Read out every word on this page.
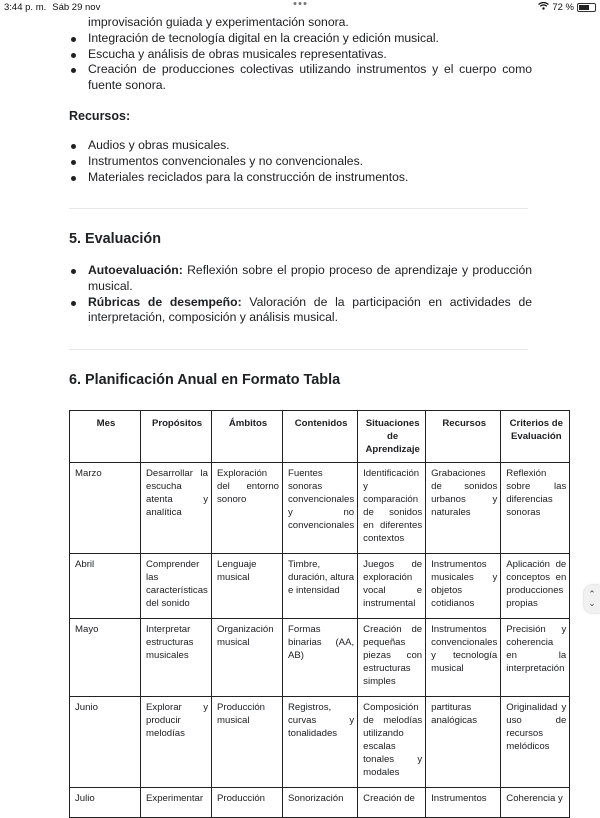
3:44 p. m. Sáb 29 nov	72 %
improvisación guiada y experimentación sonora.
Integración de tecnología digital en la creación y edición musical.
Escucha y análisis de obras musicales representativas.
Creación de producciones colectivas utilizando instrumentos y el cuerpo como fuente sonora.
Recursos:
Audios y obras musicales.
Instrumentos convencionales y no convencionales.
Materiales reciclados para la construcción de instrumentos.
5. Evaluación
Autoevaluación: Reflexión sobre el propio proceso de aprendizaje y producción musical.
Rúbricas de desempeño: Valoración de la participación en actividades de interpretación, composición y análisis musical.
6. Planificación Anual en Formato Tabla
Mes	Propósitos	Ámbitos	Contenidos	Situaciones de Aprendizaje	Recursos	Criterios de Evaluación
Marzo	Desarrollar la escucha atenta y analítica	Exploración del entorno sonoro	Fuentes sonoras convencionales y no convencionales	Identificación y comparación de sonidos en diferentes contextos	Grabaciones de sonidos urbanos y naturales	Reflexión sobre las diferencias sonoras
Abril	Comprender las características del sonido	Lenguaje musical	Timbre, duración, altura e intensidad	Juegos de exploración vocal e instrumental	Instrumentos musicales y objetos cotidianos	Aplicación de conceptos en producciones propias
Mayo	Interpretar estructuras musicales	Organización musical	Formas binarias (AA, AB)	Creación de pequeñas piezas con estructuras simples	Instrumentos convencionales y tecnología musical	Precisión y coherencia en la interpretación
Junio	Explorar y producir melodías	Producción musical	Registros, curvas y tonalidades	Composición de melodías utilizando escalas tonales y modales	partituras analógicas	Originalidad y uso de recursos melódicos
Julio	Experimentar	Producción	Sonorización	Creación de	Instrumentos	Coherencia y
⌃
⌄
